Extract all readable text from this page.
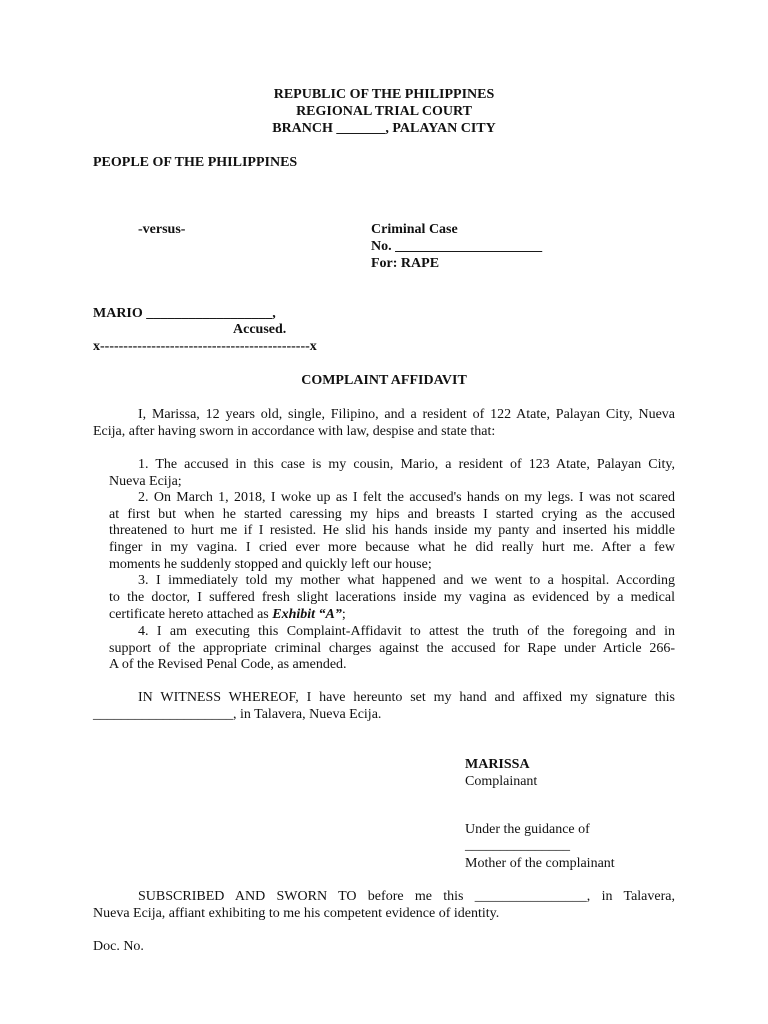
REPUBLIC OF THE PHILIPPINES
REGIONAL TRIAL COURT
BRANCH _______, PALAYAN CITY
PEOPLE OF THE PHILIPPINES
-versus-	Criminal Case
No. _____________________
For: RAPE
MARIO __________________,
Accused.
x---------------------------------------------x
COMPLAINT AFFIDAVIT
I, Marissa, 12 years old, single, Filipino, and a resident of 122 Atate, Palayan City, Nueva
Ecija, after having sworn in accordance with law, despise and state that:
1. The accused in this case is my cousin, Mario, a resident of 123 Atate, Palayan City,
Nueva Ecija;
2. On March 1, 2018, I woke up as I felt the accused's hands on my legs. I was not scared
at first but when he started caressing my hips and breasts I started crying as the accused
threatened to hurt me if I resisted. He slid his hands inside my panty and inserted his middle
finger in my vagina. I cried ever more because what he did really hurt me. After a few
moments he suddenly stopped and quickly left our house;
3. I immediately told my mother what happened and we went to a hospital. According
to the doctor, I suffered fresh slight lacerations inside my vagina as evidenced by a medical
certificate hereto attached as Exhibit “A”;
4. I am executing this Complaint-Affidavit to attest the truth of the foregoing and in
support of the appropriate criminal charges against the accused for Rape under Article 266-
A of the Revised Penal Code, as amended.
IN WITNESS WHEREOF, I have hereunto set my hand and affixed my signature this
____________________, in Talavera, Nueva Ecija.
MARISSA
Complainant
Under the guidance of
_______________
Mother of the complainant
SUBSCRIBED AND SWORN TO before me this ________________, in Talavera,
Nueva Ecija, affiant exhibiting to me his competent evidence of identity.
Doc. No.
